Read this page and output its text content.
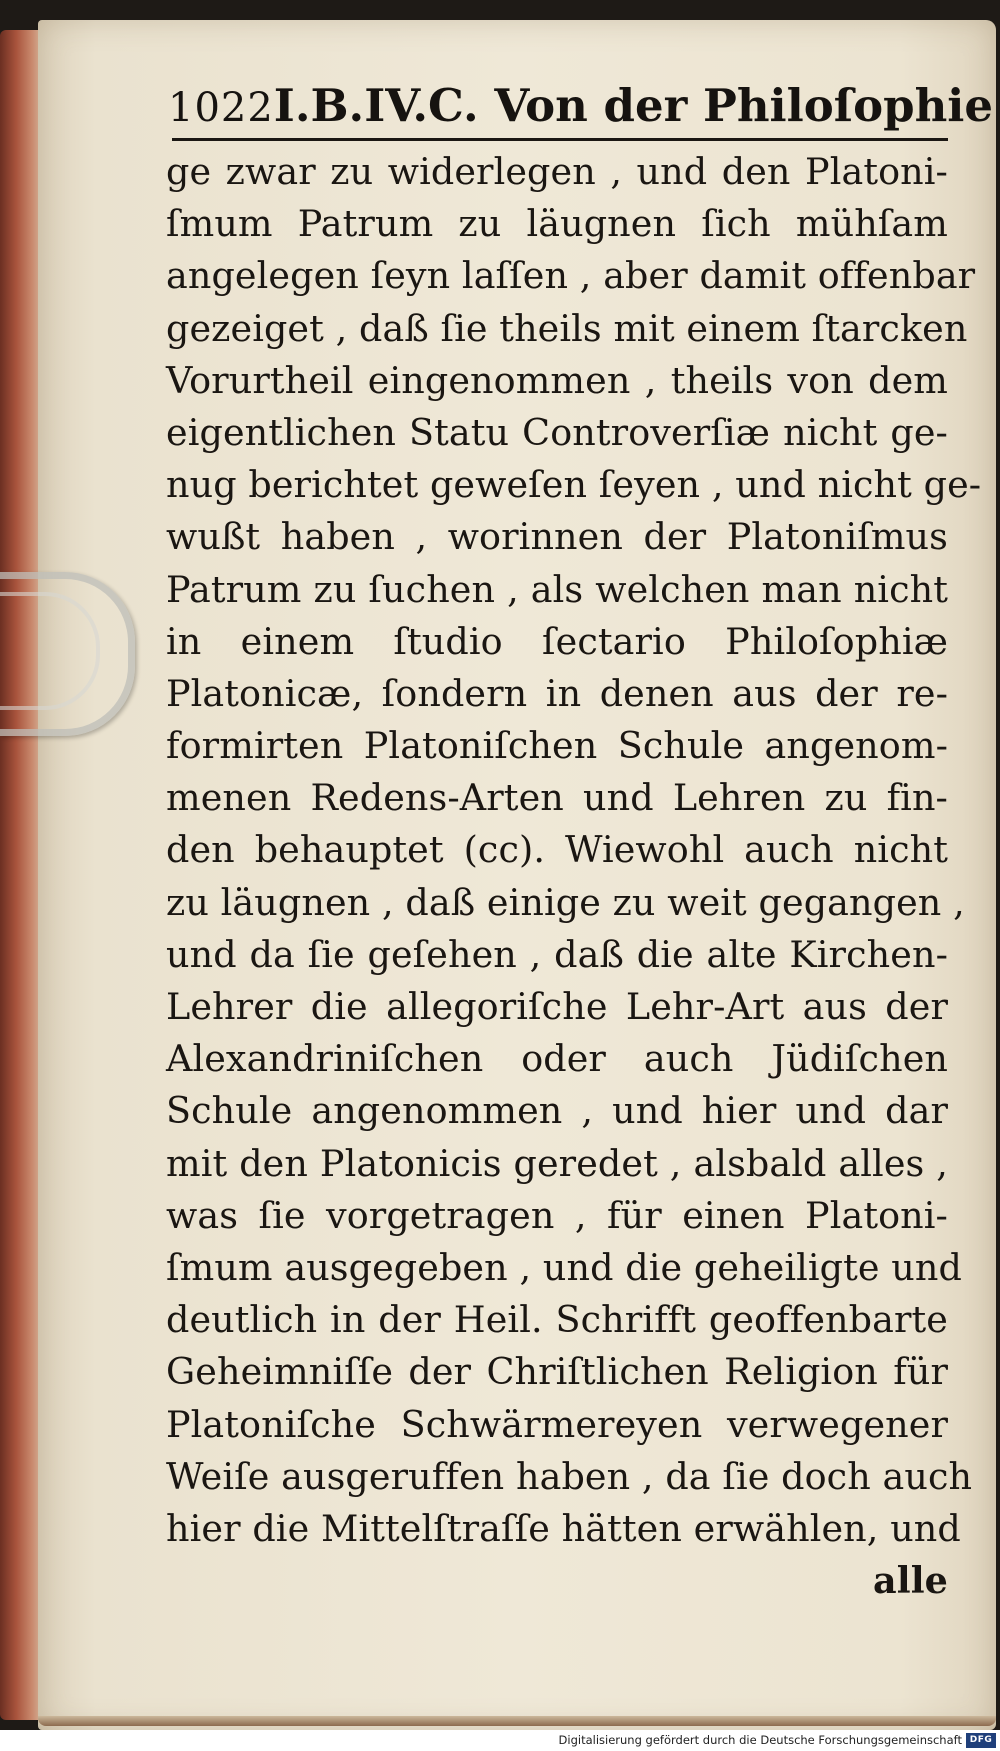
1022 I.B.IV.C. Von der Philoſophie
ge zwar zu widerlegen , und den Platoni-
ſmum Patrum zu läugnen ſich mühſam
angelegen ſeyn laſſen , aber damit offenbar
gezeiget , daß ſie theils mit einem ſtarcken
Vorurtheil eingenommen , theils von dem
eigentlichen Statu Controverſiæ nicht ge-
nug berichtet geweſen ſeyen , und nicht ge-
wußt haben , worinnen der Platoniſmus
Patrum zu ſuchen , als welchen man nicht
in einem ſtudio ſectario Philoſophiæ
Platonicæ, ſondern in denen aus der re-
formirten Platoniſchen Schule angenom-
menen Redens-Arten und Lehren zu fin-
den behauptet (cc). Wiewohl auch nicht
zu läugnen , daß einige zu weit gegangen ,
und da ſie geſehen , daß die alte Kirchen-
Lehrer die allegoriſche Lehr-Art aus der
Alexandriniſchen oder auch Jüdiſchen
Schule angenommen , und hier und dar
mit den Platonicis geredet , alsbald alles ,
was ſie vorgetragen , für einen Platoni-
ſmum ausgegeben , und die geheiligte und
deutlich in der Heil. Schrifft geoffenbarte
Geheimniſſe der Chriſtlichen Religion für
Platoniſche Schwärmereyen verwegener
Weiſe ausgeruffen haben , da ſie doch auch
hier die Mittelſtraſſe hätten erwählen, und
alle
Digitalisierung gefördert durch die Deutsche Forschungsgemeinschaft DFG
